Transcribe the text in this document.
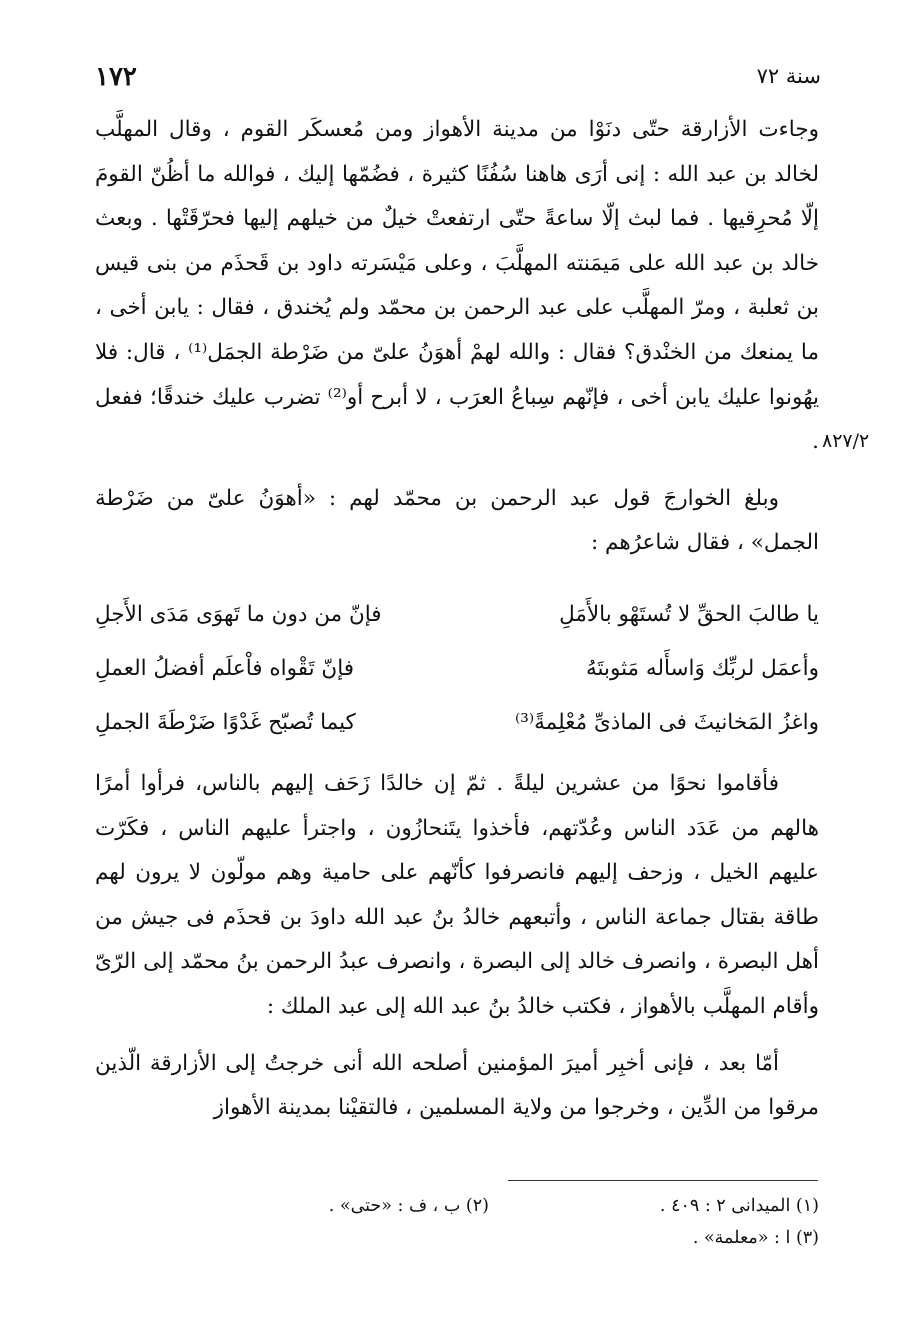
١٧٢	سنة ٧٢
٨٢٧/٢

وجاءت الأزارقة حتّى دنَوْا من مدينة الأهواز ومن مُعسكَر القوم ، وقال المهلَّب لخالد بن عبد الله : إنى أرَى هاهنا سُفُنًا كثيرة ، فضُمّها إليك ، فوالله ما أظُنّ القومَ إلّا مُحرِقيها . فما لبث إلّا ساعةً حتّى ارتفعتْ خيلٌ من خيلهم إليها فحرّقَتْها . وبعث خالد بن عبد الله على مَيمَنته المهلَّبَ ، وعلى مَيْسَرته داود بن قَحذَم من بنى قيس بن ثعلبة ، ومرّ المهلَّب على عبد الرحمن بن محمّد ولم يُخندق ، فقال : يابن أخى ، ما يمنعك من الخنْدق؟ فقال : والله لهمْ أهوَنُ علىّ من ضَرْطة الجمَل⁽¹⁾ ، قال: فلا يهُونوا عليك يابن أخى ، فإنّهم سِباعُ العرَب ، لا أبرح أو⁽²⁾ تضرب عليك خندقًا؛ ففعل .

وبلغ الخوارجَ قول عبد الرحمن بن محمّد لهم : «أهوَنُ علىّ من ضَرْطة الجمل» ، فقال شاعرُهم :

يا طالبَ الحقِّ لا تُستَهْو بالأَمَلِ
فإنّ من دون ما تَهوَى مَدَى الأَجلِ
وأعمَل لربِّك وَاسأَله مَثوبتَهُ
فإنّ تَقْواه فاْعلَم أفضلُ العملِ
واغزُ المَخانيثَ فى الماذىِّ مُعْلِمةً⁽³⁾
كيما تُصبّح غَدْوًا ضَرْطَةَ الجملِ

فأقاموا نحوًا من عشرين ليلةً . ثمّ إن خالدًا زَحَف إليهم بالناس، فرأوا أمرًا هالهم من عَدَد الناس وعُدّتهم، فأخذوا يتَنحازُون ، واجترأ عليهم الناس ، فكَرّت عليهم الخيل ، وزحف إليهم فانصرفوا كأنّهم على حامية وهم مولّون لا يرون لهم طاقة بقتال جماعة الناس ، وأتبعهم خالدُ بنُ عبد الله داودَ بن قحذَم فى جيش من أهل البصرة ، وانصرف خالد إلى البصرة ، وانصرف عبدُ الرحمن بنُ محمّد إلى الرّىّ وأقام المهلَّب بالأهواز ، فكتب خالدُ بنُ عبد الله إلى عبد الملك :

أمّا بعد ، فإنى أخبِر أميرَ المؤمنين أصلحه الله أنى خرجتُ إلى الأزارقة الّذين مرقوا من الدِّين ، وخرجوا من ولاية المسلمين ، فالتقيْنا بمدينة الأهواز

(١) الميدانى ٢ : ٤٠٩ .
(٢) ب ، ف : «حتى» .
(٣) ا : «معلمة» .
